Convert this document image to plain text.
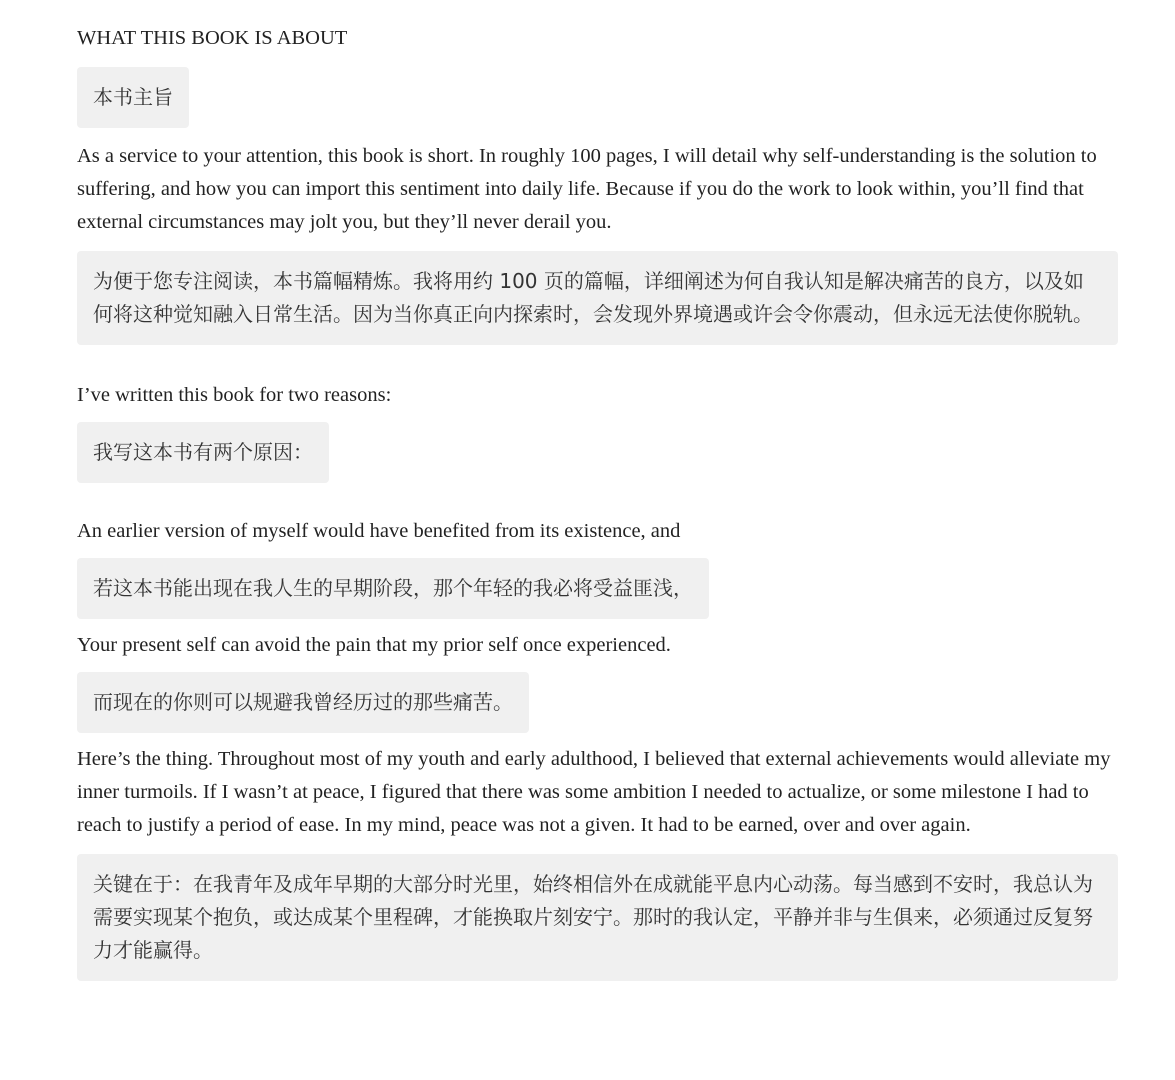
WHAT THIS BOOK IS ABOUT

本书主旨

As a service to your attention, this book is short. In roughly 100 pages, I will detail why self-understanding is the solution to suffering, and how you can import this sentiment into daily life. Because if you do the work to look within, you’ll find that external circumstances may jolt you, but they’ll never derail you.

为便于您专注阅读，本书篇幅精炼。我将用约 100 页的篇幅，详细阐述为何自我认知是解决痛苦的良方，以及如何将这种觉知融入日常生活。因为当你真正向内探索时，会发现外界境遇或许会令你震动，但永远无法使你脱轨。

I’ve written this book for two reasons:

我写这本书有两个原因：

An earlier version of myself would have benefited from its existence, and

若这本书能出现在我人生的早期阶段，那个年轻的我必将受益匪浅，

Your present self can avoid the pain that my prior self once experienced.

而现在的你则可以规避我曾经历过的那些痛苦。

Here’s the thing. Throughout most of my youth and early adulthood, I believed that external achievements would alleviate my inner turmoils. If I wasn’t at peace, I figured that there was some ambition I needed to actualize, or some milestone I had to reach to justify a period of ease. In my mind, peace was not a given. It had to be earned, over and over again.

关键在于：在我青年及成年早期的大部分时光里，始终相信外在成就能平息内心动荡。每当感到不安时，我总认为需要实现某个抱负，或达成某个里程碑，才能换取片刻安宁。那时的我认定，平静并非与生俱来，必须通过反复努力才能赢得。
